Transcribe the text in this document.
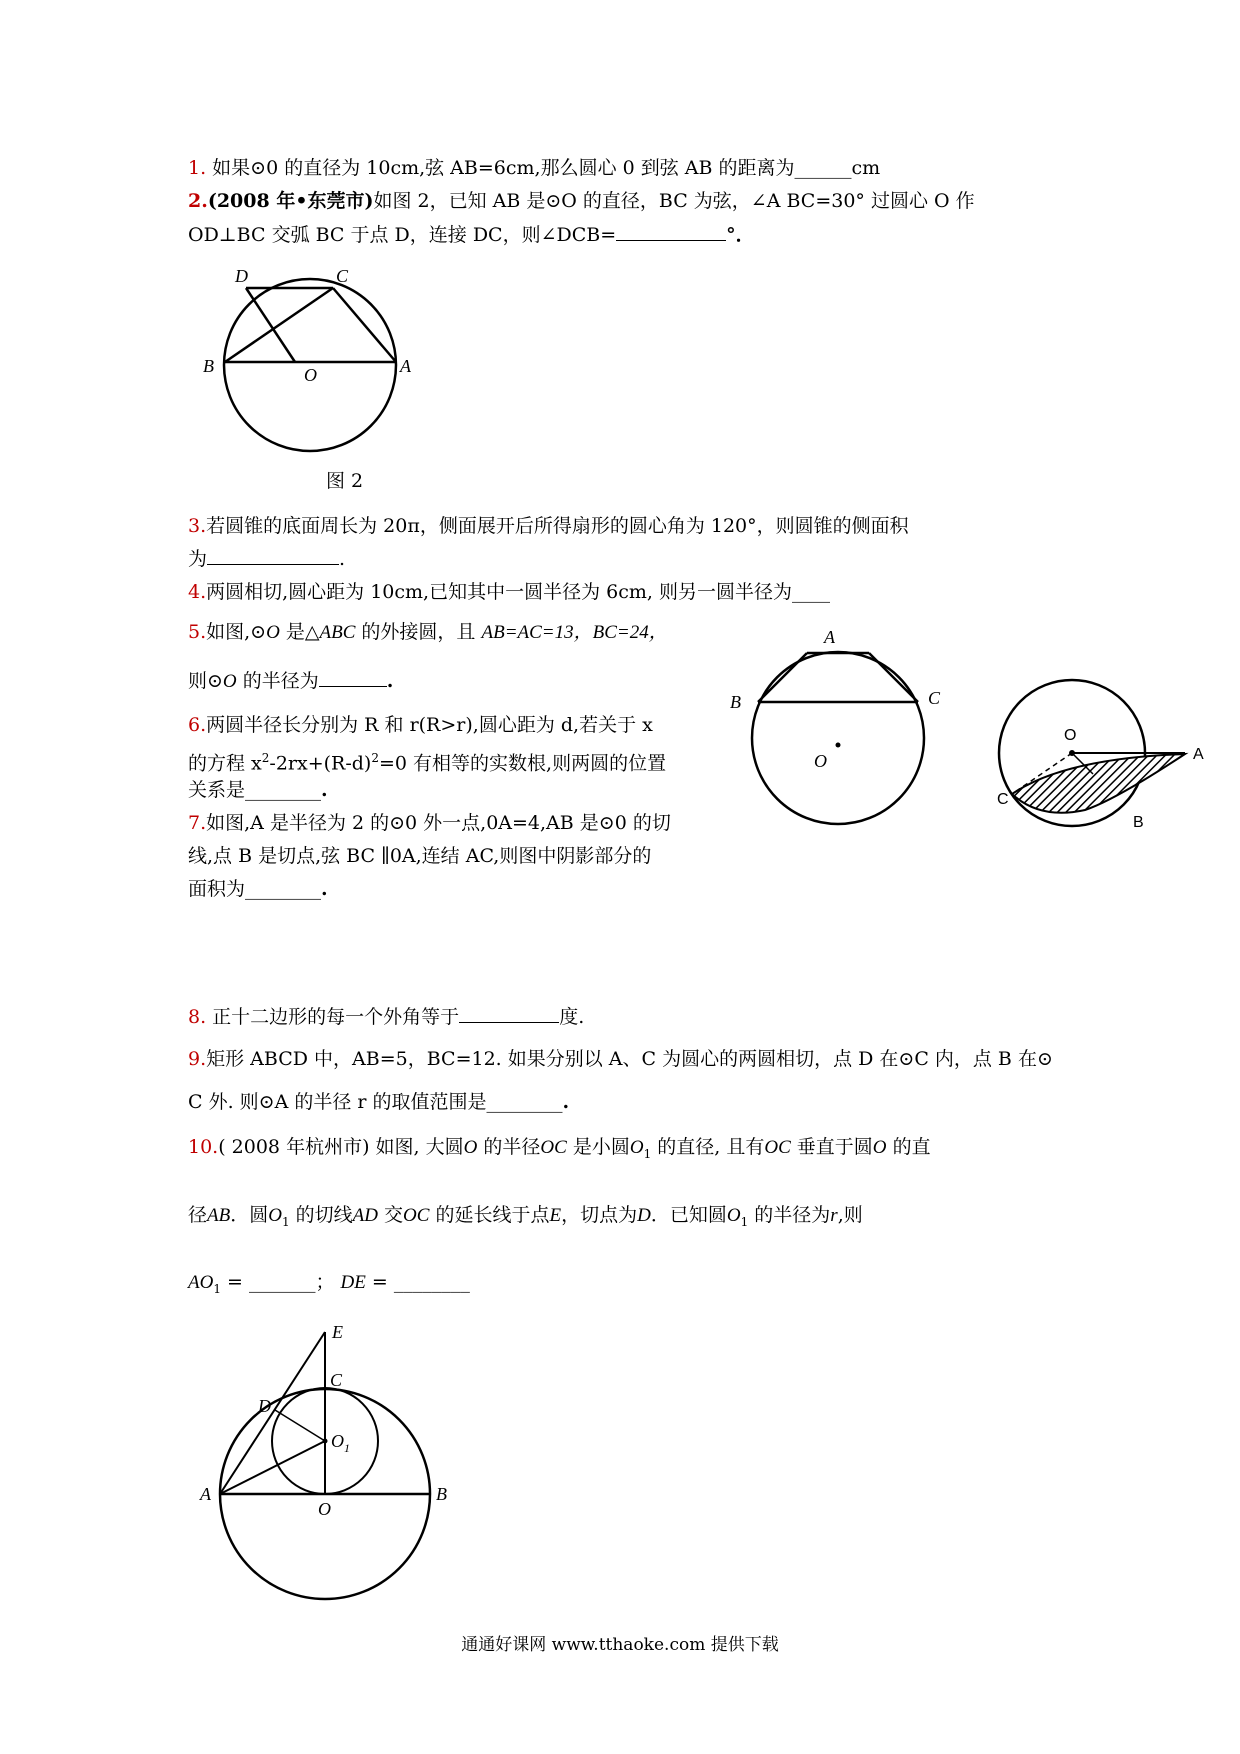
1. 如果⊙0 的直径为 10cm,弦 AB=6cm,那么圆心 0 到弦 AB 的距离为______cm
2.(2008 年•东莞市)如图 2，已知 AB 是⊙O 的直径，BC 为弦，∠A BC=30° 过圆心 O 作
OD⊥BC 交弧 BC 于点 D，连接 DC，则∠DCB=	°．
D	C
B	O	A
图 2
3.若圆锥的底面周长为 20π，侧面展开后所得扇形的圆心角为 120°，则圆锥的侧面积
为	.
4.两圆相切,圆心距为 10cm,已知其中一圆半径为 6cm, 则另一圆半径为____
5.如图,⊙O 是△ABC 的外接圆，且 AB=AC=13，BC=24，
则⊙O 的半径为	.
6.两圆半径长分别为 R 和 r(R>r),圆心距为 d,若关于 x
的方程 $x^2-2rx+(R-d)^2=0$ 有相等的实数根,则两圆的位置
关系是________.
7.如图,A 是半径为 2 的⊙0 外一点,0A=4,AB 是⊙0 的切
线,点 B 是切点,弦 BC ∥0A,连结 AC,则图中阴影部分的
面积为________.
A
B	C
O
O
A
C
B
8. 正十二边形的每一个外角等于	度.
9.矩形 ABCD 中，AB=5，BC=12. 如果分别以 A、C 为圆心的两圆相切，点 D 在⊙C 内，点 B 在⊙
C 外. 则⊙A 的半径 r 的取值范围是________.
10.( 2008 年杭州市) 如图, 大圆O 的半径OC 是小圆$O_1$ 的直径, 且有OC 垂直于圆O 的直
径AB．圆$O_1$ 的切线AD 交OC 的延长线于点E，切点为D．已知圆$O_1$ 的半径为r,则
$AO_1$ = _______； DE = ________
E
C
D
$O_1$
A
O
B
通通好课网 www.tthaoke.com 提供下载
